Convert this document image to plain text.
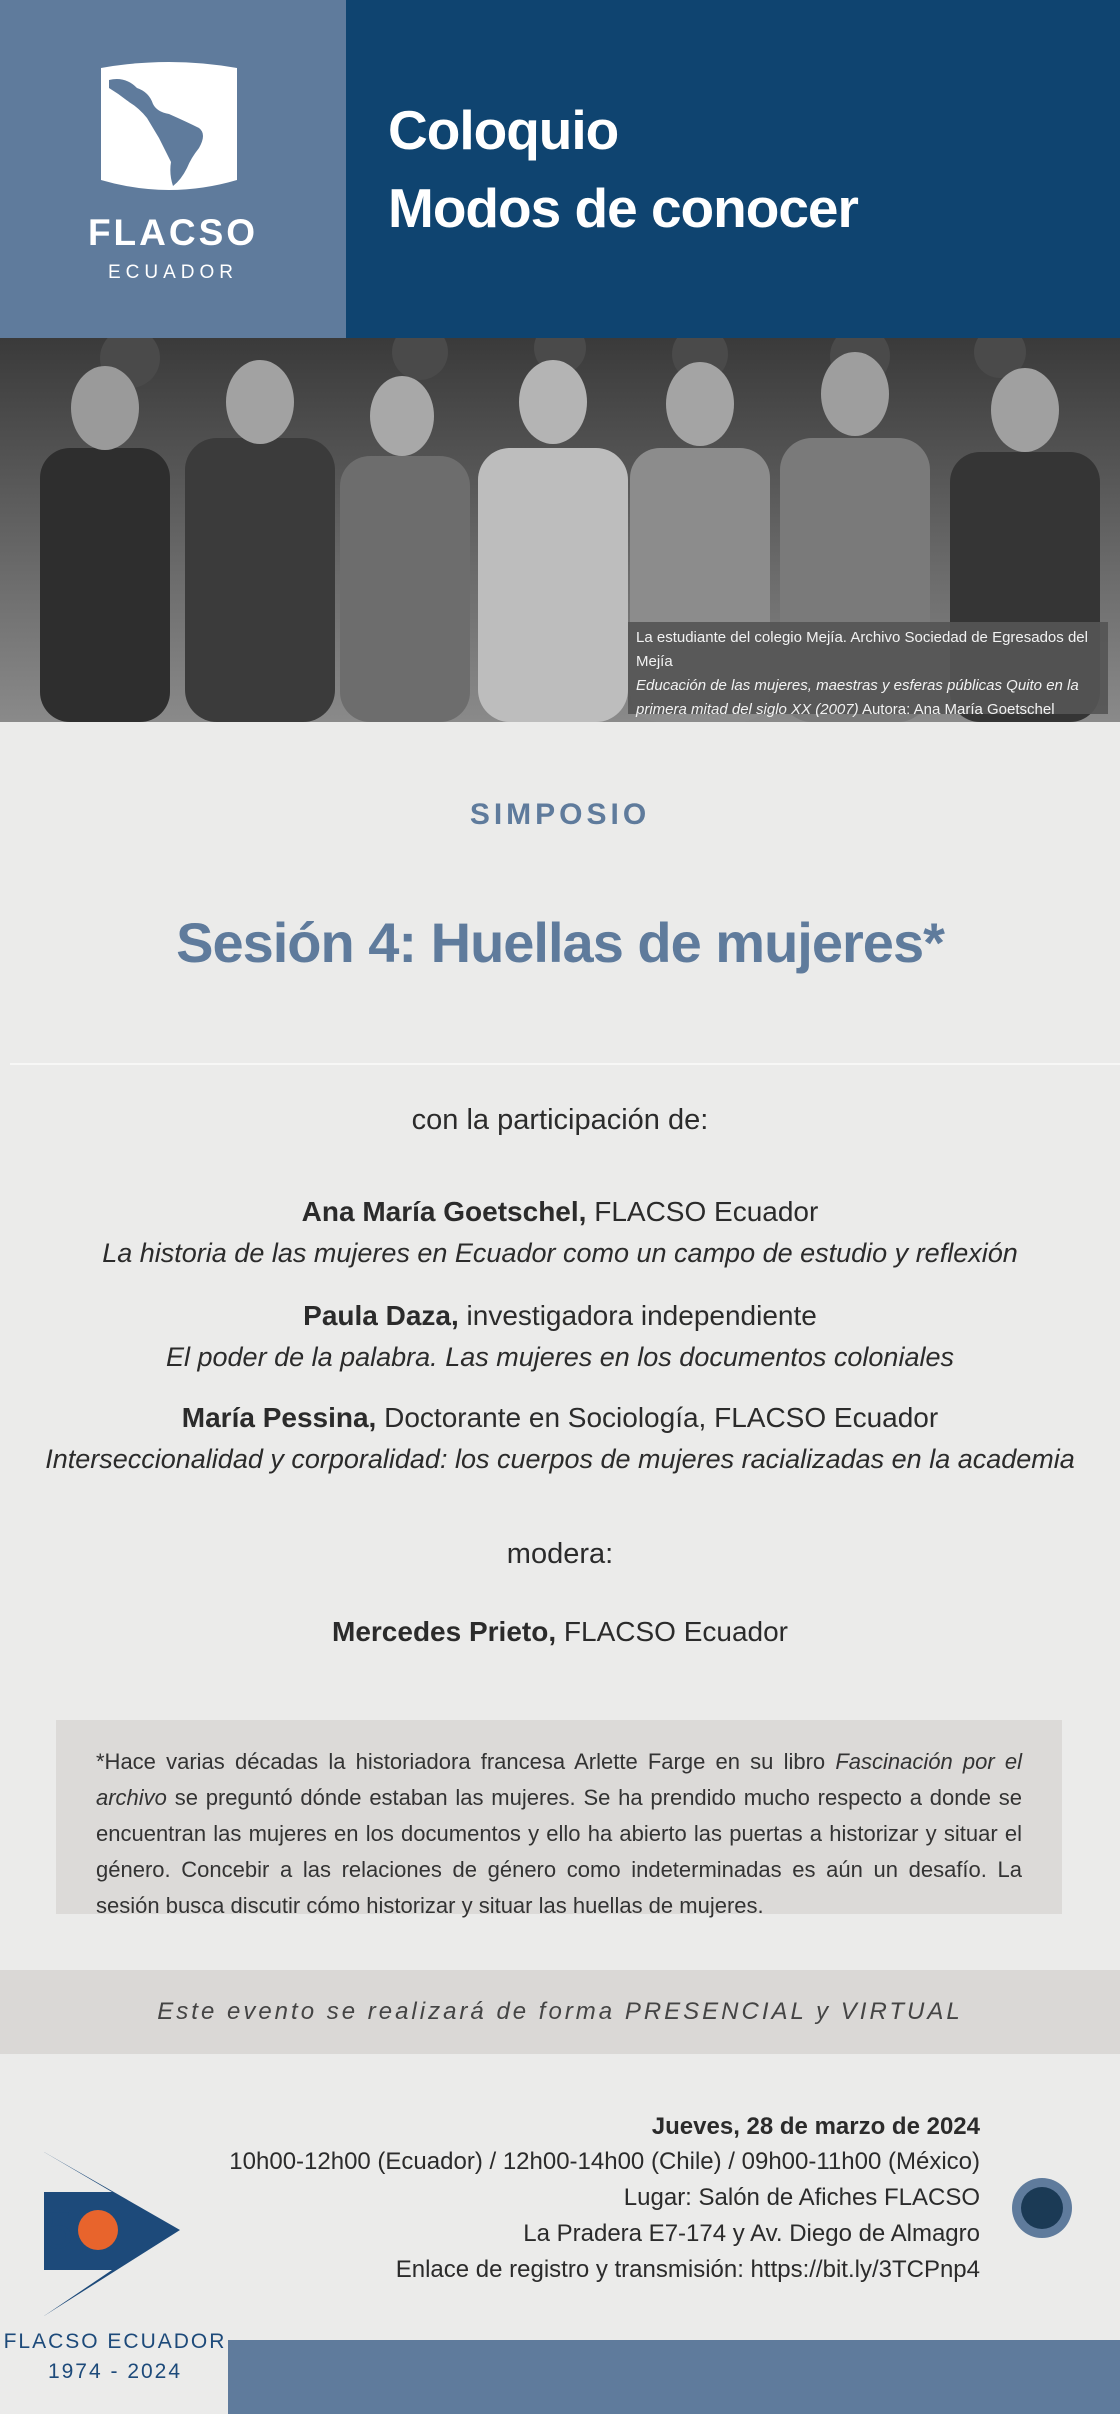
FLACSO
ECUADOR
Coloquio
Modos de conocer
La estudiante del colegio Mejía. Archivo Sociedad de Egresados del Mejía
Educación de las mujeres, maestras y esferas públicas Quito en la primera mitad del siglo XX (2007) Autora: Ana María Goetschel
SIMPOSIO
Sesión 4: Huellas de mujeres*
con la participación de:
Ana María Goetschel, FLACSO Ecuador
La historia de las mujeres en Ecuador como un campo de estudio y reflexión
Paula Daza, investigadora independiente
El poder de la palabra. Las mujeres en los documentos coloniales
María Pessina, Doctorante en Sociología, FLACSO Ecuador
Interseccionalidad y corporalidad: los cuerpos de mujeres racializadas en la academia
modera:
Mercedes Prieto, FLACSO Ecuador
*Hace varias décadas la historiadora francesa Arlette Farge en su libro Fascinación por el archivo se preguntó dónde estaban las mujeres. Se ha prendido mucho respecto a donde se encuentran las mujeres en los documentos y ello ha abierto las puertas a historizar y situar el género. Concebir a las relaciones de género como indeterminadas es aún un desafío. La sesión busca discutir cómo historizar y situar las huellas de mujeres.
Este evento se realizará de forma PRESENCIAL y VIRTUAL
Jueves, 28 de marzo de 2024
10h00-12h00 (Ecuador) / 12h00-14h00 (Chile) / 09h00-11h00 (México)
Lugar: Salón de Afiches FLACSO
La Pradera E7-174 y Av. Diego de Almagro
Enlace de registro y transmisión: https://bit.ly/3TCPnp4
5
FLACSO ECUADOR
1974 - 2024
